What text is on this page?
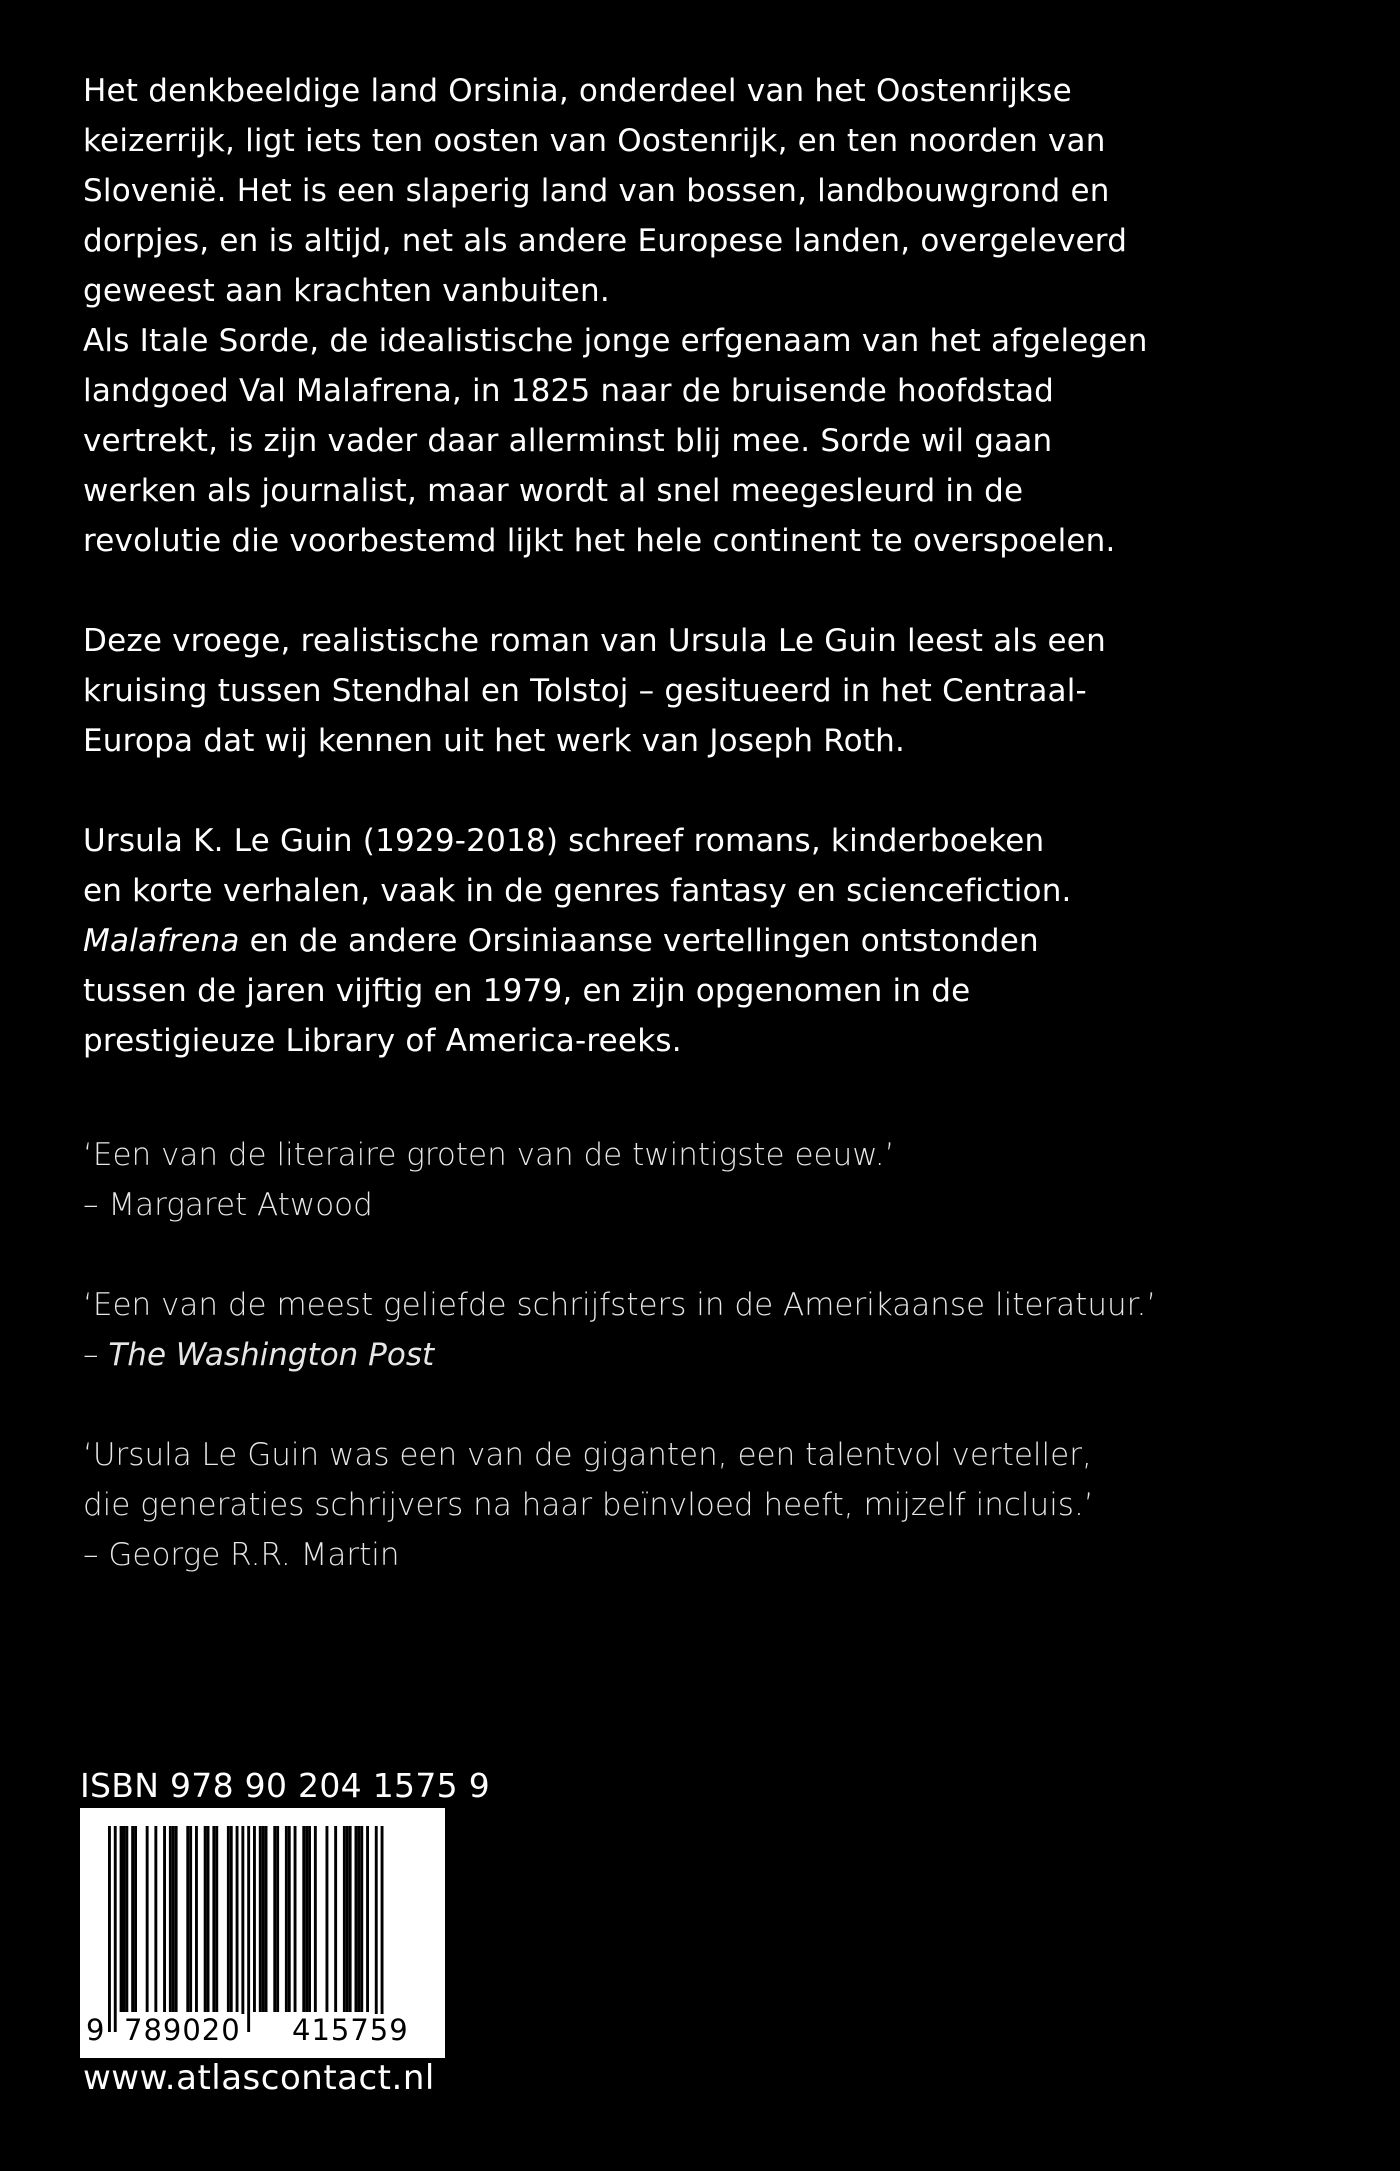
Het denkbeeldige land Orsinia, onderdeel van het Oostenrijkse
keizerrijk, ligt iets ten oosten van Oostenrijk, en ten noorden van
Slovenië. Het is een slaperig land van bossen, landbouwgrond en
dorpjes, en is altijd, net als andere Europese landen, overgeleverd
geweest aan krachten vanbuiten.
Als Itale Sorde, de idealistische jonge erfgenaam van het afgelegen
landgoed Val Malafrena, in 1825 naar de bruisende hoofdstad
vertrekt, is zijn vader daar allerminst blij mee. Sorde wil gaan
werken als journalist, maar wordt al snel meegesleurd in de
revolutie die voorbestemd lijkt het hele continent te overspoelen.
Deze vroege, realistische roman van Ursula Le Guin leest als een
kruising tussen Stendhal en Tolstoj – gesitueerd in het Centraal-
Europa dat wij kennen uit het werk van Joseph Roth.
Ursula K. Le Guin (1929-2018) schreef romans, kinderboeken
en korte verhalen, vaak in de genres fantasy en sciencefiction.
Malafrena en de andere Orsiniaanse vertellingen ontstonden
tussen de jaren vijftig en 1979, en zijn opgenomen in de
prestigieuze Library of America-reeks.
‘Een van de literaire groten van de twintigste eeuw.’
– Margaret Atwood
‘Een van de meest geliefde schrijfsters in de Amerikaanse literatuur.’
– The Washington Post
‘Ursula Le Guin was een van de giganten, een talentvol verteller,
die generaties schrijvers na haar beïnvloed heeft, mijzelf incluis.’
– George R.R. Martin
ISBN 978 90 204 1575 9
9 789020 415759
www.atlascontact.nl
